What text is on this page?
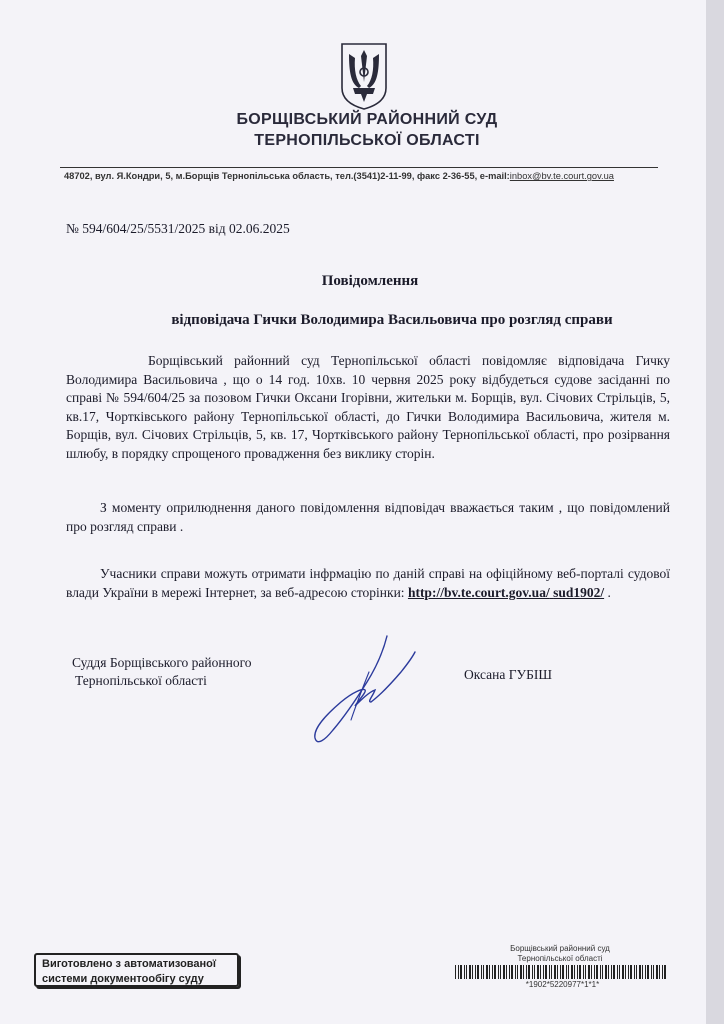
БОРЩІВСЬКИЙ РАЙОННИЙ СУД
ТЕРНОПІЛЬСЬКОЇ ОБЛАСТІ
48702, вул. Я.Кондри, 5, м.Борщів Тернопільська область, тел.(3541)2-11-99, факс 2-36-55, e-mail:inbox@bv.te.court.gov.ua
№ 594/604/25/5531/2025 від 02.06.2025
Повідомлення
відповідача Гички Володимира Васильовича про розгляд справи
Борщівський районний суд Тернопільської області повідомляє відповідача Гичку Володимира Васильовича , що о 14 год. 10хв. 10 червня 2025 року відбудеться судове засіданні по справі № 594/604/25 за позовом Гички Оксани Ігорівни, жительки м. Борщів, вул. Січових Стрільців, 5, кв.17, Чортківського району Тернопільської області, до Гички Володимира Васильовича, жителя м. Борщів, вул. Січових Стрільців, 5, кв. 17, Чортківського району Тернопільської області, про розірвання шлюбу, в порядку спрощеного провадження без виклику сторін.
З моменту оприлюднення даного повідомлення відповідач вважається таким , що повідомлений про розгляд справи .
Учасники справи можуть отримати інфрмацію по даній справі на офіційному веб-порталі судової влади України в мережі Інтернет, за веб-адресою сторінки: http://bv.te.court.gov.ua/ sud1902/ .
Суддя Борщівського районного
Тернопільської області	Оксана ГУБІШ
Виготовлено з автоматизованої
системи документообігу суду
Борщівський районний суд
Тернопільської області
*1902*5220977*1*1*
